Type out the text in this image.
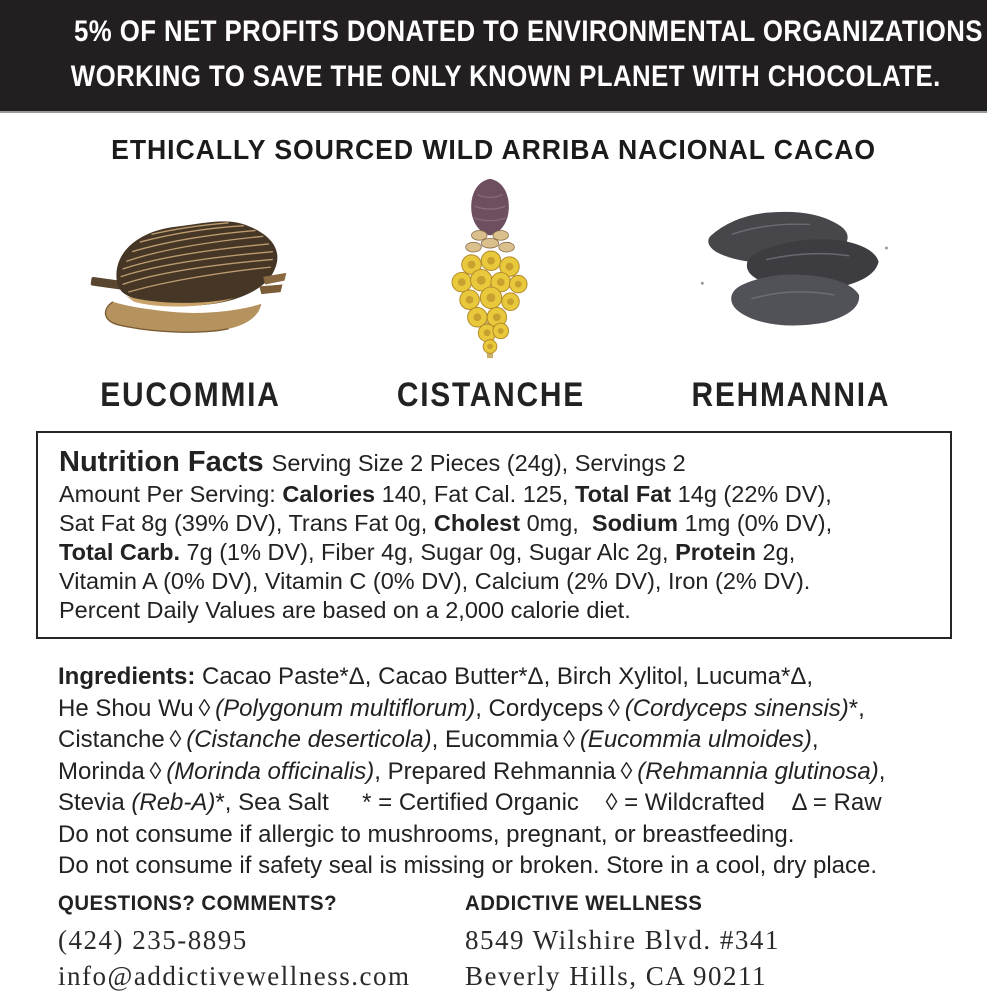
5% OF NET PROFITS DONATED TO ENVIRONMENTAL ORGANIZATIONS
WORKING TO SAVE THE ONLY KNOWN PLANET WITH CHOCOLATE.
ETHICALLY SOURCED WILD ARRIBA NACIONAL CACAO
EUCOMMIA	CISTANCHE	REHMANNIA
Nutrition Facts Serving Size 2 Pieces (24g), Servings 2
Amount Per Serving: Calories 140, Fat Cal. 125, Total Fat 14g (22% DV),
Sat Fat 8g (39% DV), Trans Fat 0g, Cholest 0mg,  Sodium 1mg (0% DV),
Total Carb. 7g (1% DV), Fiber 4g, Sugar 0g, Sugar Alc 2g, Protein 2g,
Vitamin A (0% DV), Vitamin C (0% DV), Calcium (2% DV), Iron (2% DV).
Percent Daily Values are based on a 2,000 calorie diet.
Ingredients: Cacao Paste*Δ, Cacao Butter*Δ, Birch Xylitol, Lucuma*Δ,
He Shou Wu ◊ (Polygonum multiflorum), Cordyceps ◊ (Cordyceps sinensis)*,
Cistanche ◊ (Cistanche deserticola), Eucommia ◊ (Eucommia ulmoides),
Morinda ◊ (Morinda officinalis), Prepared Rehmannia ◊ (Rehmannia glutinosa),
Stevia (Reb-A)*, Sea Salt     * = Certified Organic    ◊ = Wildcrafted    Δ = Raw
Do not consume if allergic to mushrooms, pregnant, or breastfeeding.
Do not consume if safety seal is missing or broken. Store in a cool, dry place.
QUESTIONS? COMMENTS?
(424) 235-8895
info@addictivewellness.com
ADDICTIVE WELLNESS
8549 Wilshire Blvd. #341
Beverly Hills, CA 90211
